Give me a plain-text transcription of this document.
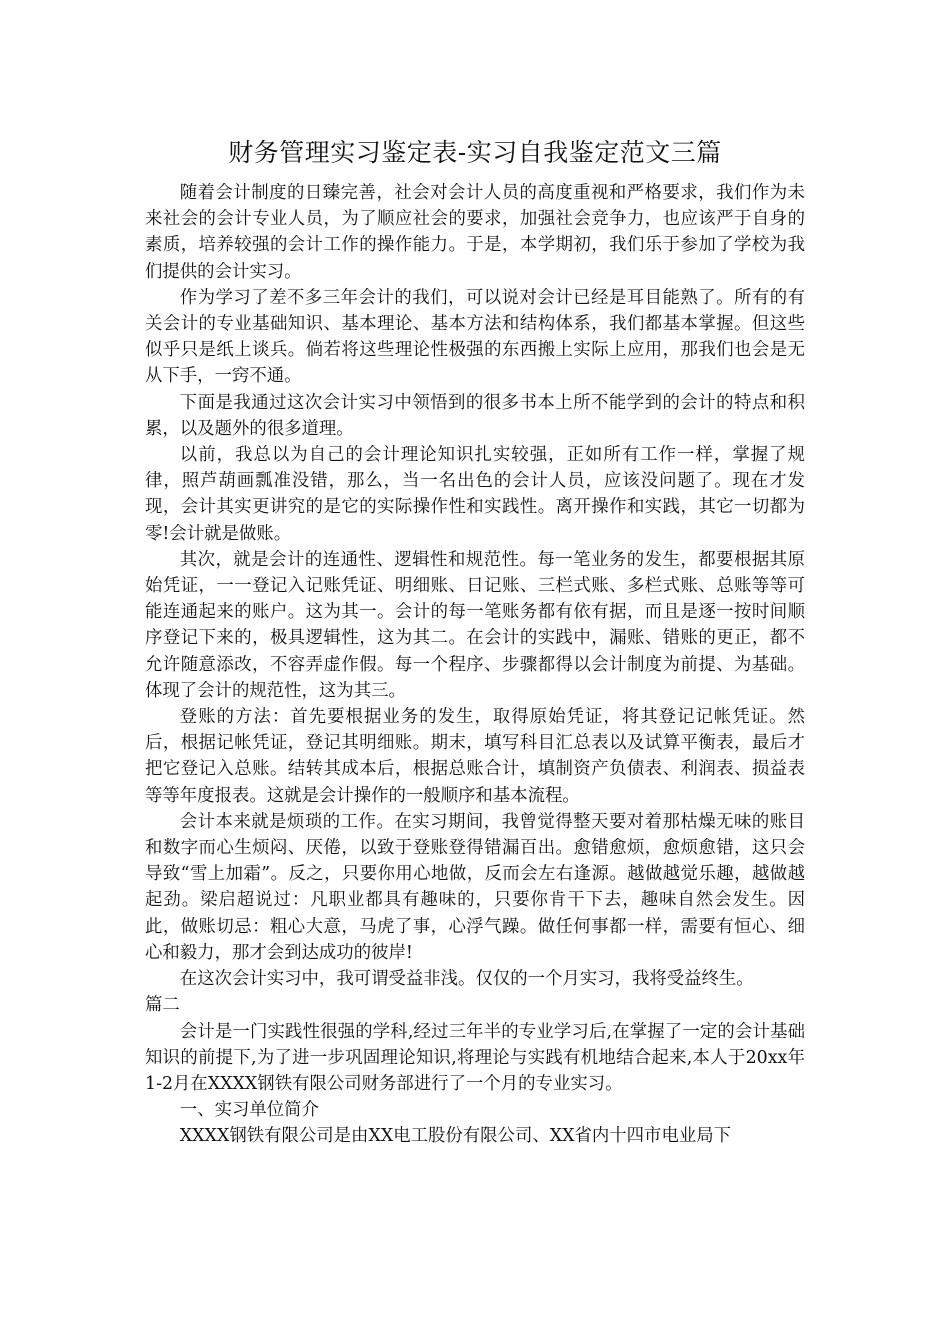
财务管理实习鉴定表-实习自我鉴定范文三篇

随着会计制度的日臻完善，社会对会计人员的高度重视和严格要求，我们作为未来社会的会计专业人员，为了顺应社会的要求，加强社会竞争力，也应该严于自身的素质，培养较强的会计工作的操作能力。于是，本学期初，我们乐于参加了学校为我们提供的会计实习。

作为学习了差不多三年会计的我们，可以说对会计已经是耳目能熟了。所有的有关会计的专业基础知识、基本理论、基本方法和结构体系，我们都基本掌握。但这些似乎只是纸上谈兵。倘若将这些理论性极强的东西搬上实际上应用，那我们也会是无从下手，一窍不通。

下面是我通过这次会计实习中领悟到的很多书本上所不能学到的会计的特点和积累，以及题外的很多道理。

以前，我总以为自己的会计理论知识扎实较强，正如所有工作一样，掌握了规律，照芦葫画瓢准没错，那么，当一名出色的会计人员，应该没问题了。现在才发现，会计其实更讲究的是它的实际操作性和实践性。离开操作和实践，其它一切都为零!会计就是做账。

其次，就是会计的连通性、逻辑性和规范性。每一笔业务的发生，都要根据其原始凭证，一一登记入记账凭证、明细账、日记账、三栏式账、多栏式账、总账等等可能连通起来的账户。这为其一。会计的每一笔账务都有依有据，而且是逐一按时间顺序登记下来的，极具逻辑性，这为其二。在会计的实践中，漏账、错账的更正，都不允许随意添改，不容弄虚作假。每一个程序、步骤都得以会计制度为前提、为基础。体现了会计的规范性，这为其三。

登账的方法：首先要根据业务的发生，取得原始凭证，将其登记记帐凭证。然后，根据记帐凭证，登记其明细账。期末，填写科目汇总表以及试算平衡表，最后才把它登记入总账。结转其成本后，根据总账合计，填制资产负债表、利润表、损益表等等年度报表。这就是会计操作的一般顺序和基本流程。

会计本来就是烦琐的工作。在实习期间，我曾觉得整天要对着那枯燥无味的账目和数字而心生烦闷、厌倦，以致于登账登得错漏百出。愈错愈烦，愈烦愈错，这只会导致“雪上加霜”。反之，只要你用心地做，反而会左右逢源。越做越觉乐趣，越做越起劲。梁启超说过：凡职业都具有趣味的，只要你肯干下去，趣味自然会发生。因此，做账切忌：粗心大意，马虎了事，心浮气躁。做任何事都一样，需要有恒心、细心和毅力，那才会到达成功的彼岸!

在这次会计实习中，我可谓受益非浅。仅仅的一个月实习，我将受益终生。

篇二

会计是一门实践性很强的学科,经过三年半的专业学习后,在掌握了一定的会计基础知识的前提下,为了进一步巩固理论知识,将理论与实践有机地结合起来,本人于20xx年1-2月在XXXX钢铁有限公司财务部进行了一个月的专业实习。

一、实习单位简介

XXXX钢铁有限公司是由XX电工股份有限公司、XX省内十四市电业局下
